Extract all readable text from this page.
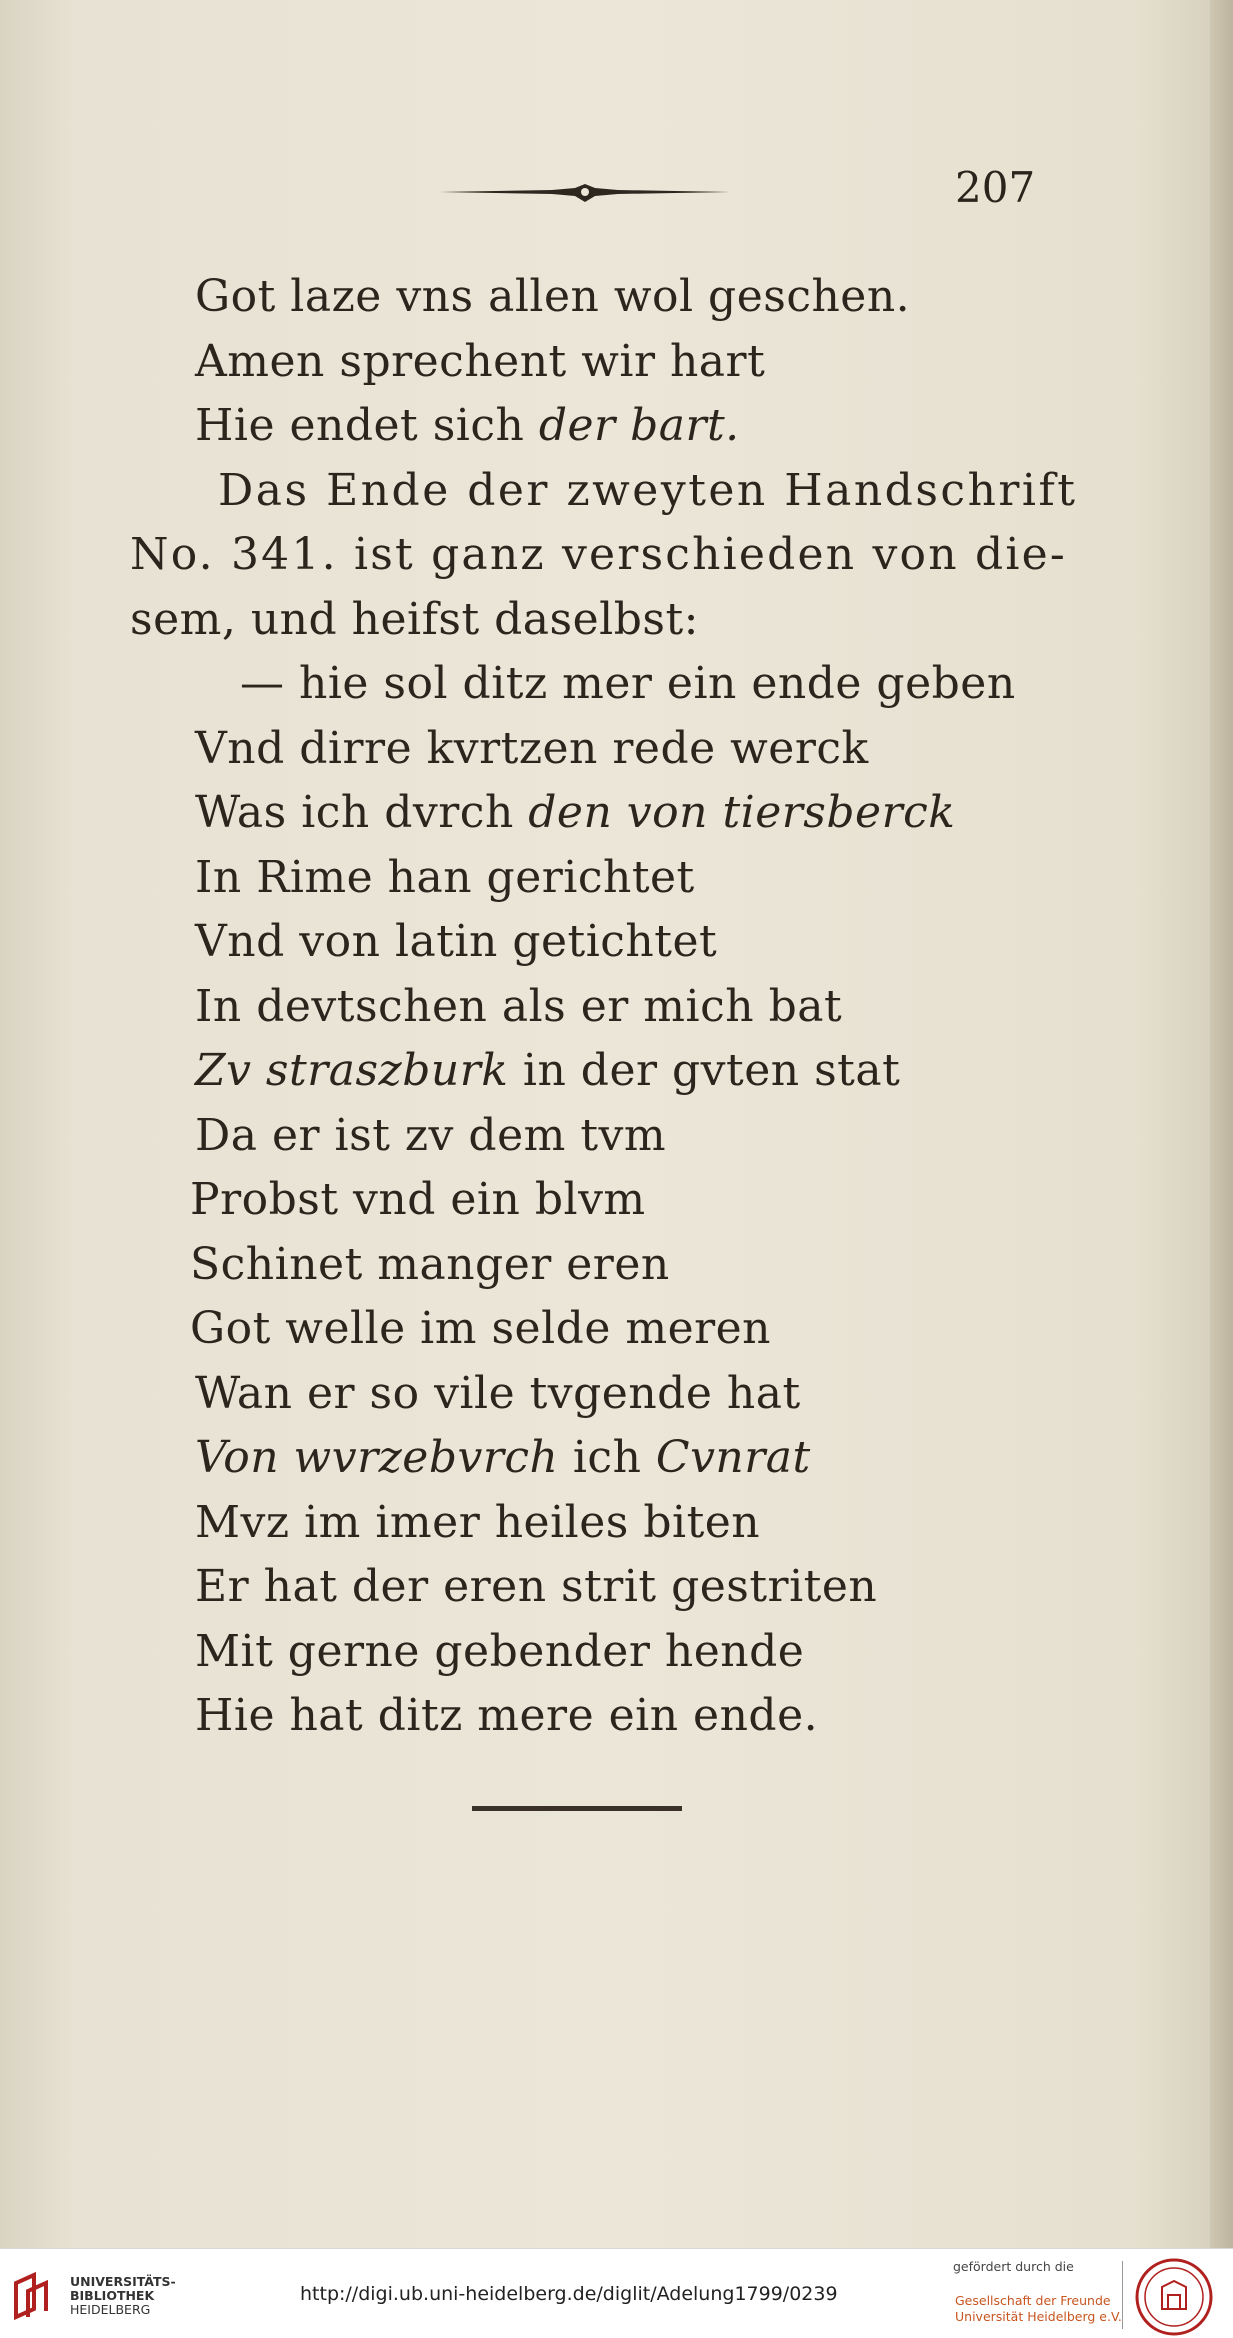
207
Got laze vns allen wol geschen.
Amen sprechent wir hart
Hie endet sich der bart.
Das Ende der zweyten Handschrift
No. 341. ist ganz verschieden von die-
sem, und heifst daselbst:
— hie sol ditz mer ein ende geben
Vnd dirre kvrtzen rede werck
Was ich dvrch den von tiersberck
In Rime han gerichtet
Vnd von latin getichtet
In devtschen als er mich bat
Zv straszburk in der gvten stat
Da er ist zv dem tvm
Probst vnd ein blvm
Schinet manger eren
Got welle im selde meren
Wan er so vile tvgende hat
Von wvrzebvrch ich Cvnrat
Mvz im imer heiles biten
Er hat der eren strit gestriten
Mit gerne gebender hende
Hie hat ditz mere ein ende.
UNIVERSITÄTS-
BIBLIOTHEK
HEIDELBERG
http://digi.ub.uni-heidelberg.de/diglit/Adelung1799/0239
gefördert durch die
Gesellschaft der Freunde
Universität Heidelberg e.V.
